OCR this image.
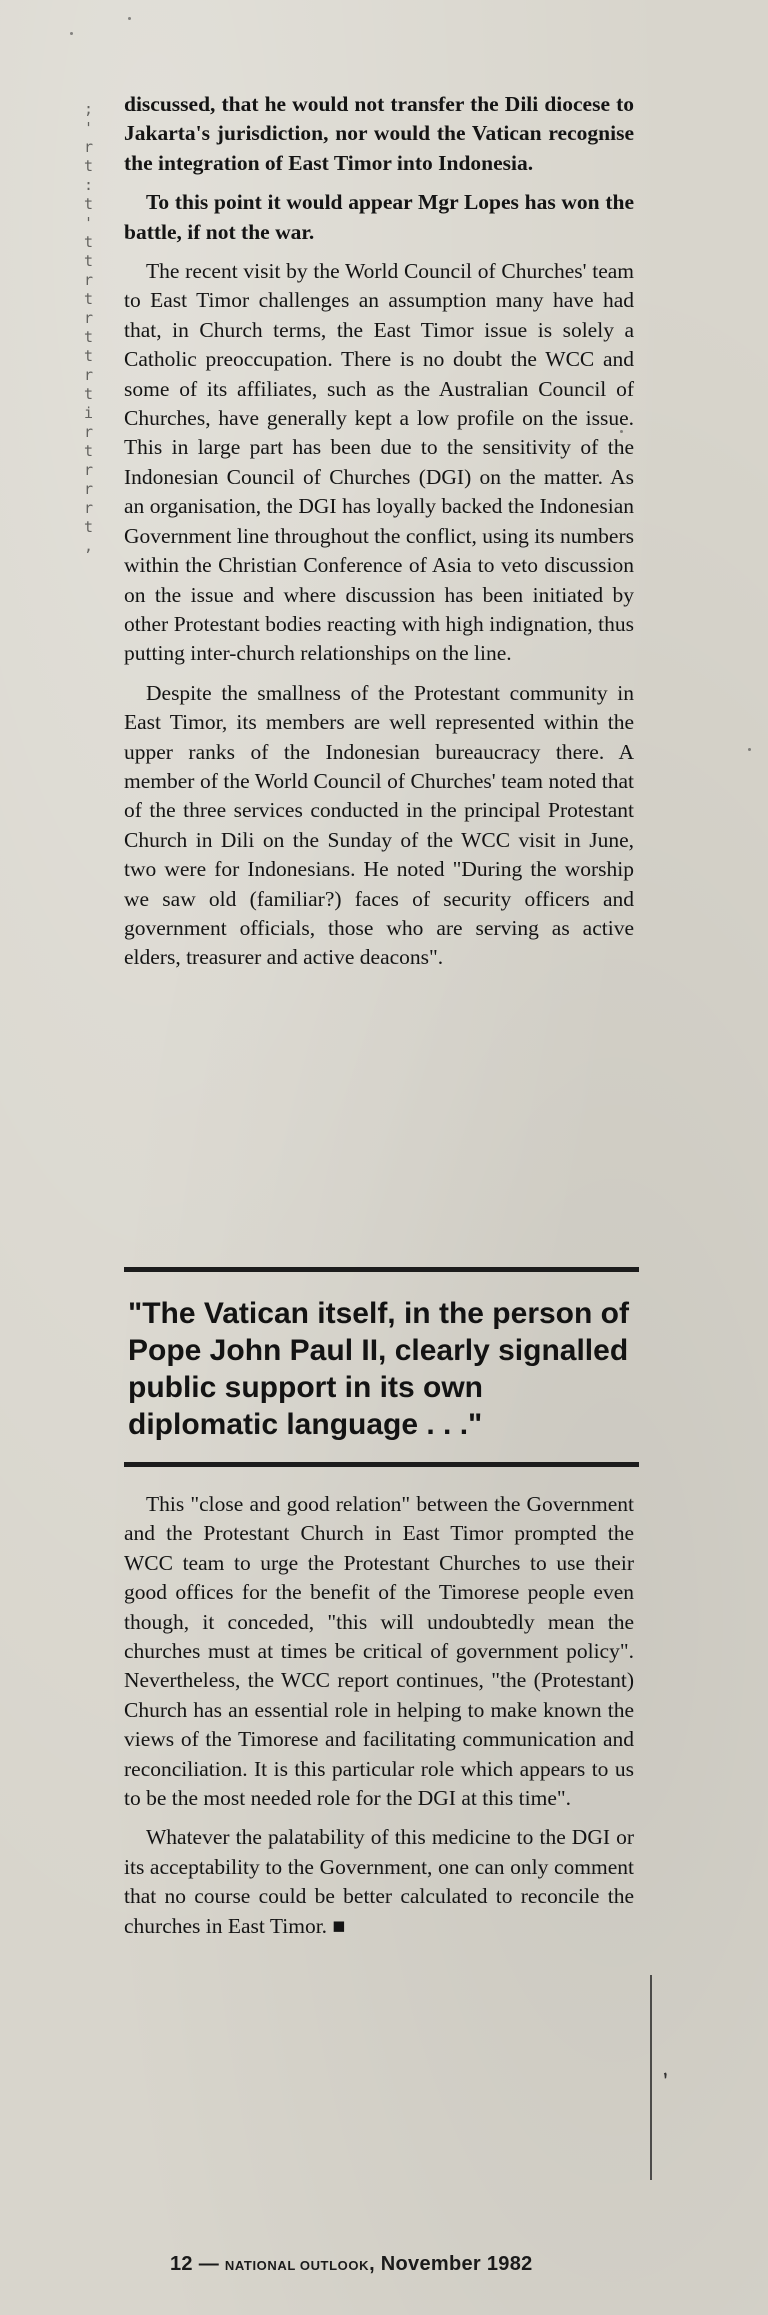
;
'
r
t
:
t
'
t
t
r
t
r
t
t
r
t
i
r
t
r
r
r
t
,

discussed, that he would not transfer the Dili diocese to Jakarta's jurisdiction, nor would the Vatican recognise the integration of East Timor into Indonesia.

To this point it would appear Mgr Lopes has won the battle, if not the war.

The recent visit by the World Council of Churches' team to East Timor challenges an assumption many have had that, in Church terms, the East Timor issue is solely a Catholic preoccupation. There is no doubt the WCC and some of its affiliates, such as the Australian Council of Churches, have generally kept a low profile on the issue. This in large part has been due to the sensitivity of the Indonesian Council of Churches (DGI) on the matter. As an organisation, the DGI has loyally backed the Indonesian Government line throughout the conflict, using its numbers within the Christian Conference of Asia to veto discussion on the issue and where discussion has been initiated by other Protestant bodies reacting with high indignation, thus putting inter-church relationships on the line.

Despite the smallness of the Protestant community in East Timor, its members are well represented within the upper ranks of the Indonesian bureaucracy there. A member of the World Council of Churches' team noted that of the three services conducted in the principal Protestant Church in Dili on the Sunday of the WCC visit in June, two were for Indonesians. He noted "During the worship we saw old (familiar?) faces of security officers and government officials, those who are serving as active elders, treasurer and active deacons".

"The Vatican itself, in the person of Pope John Paul II, clearly signalled public support in its own diplomatic language . . ."

This "close and good relation" between the Government and the Protestant Church in East Timor prompted the WCC team to urge the Protestant Churches to use their good offices for the benefit of the Timorese people even though, it conceded, "this will undoubtedly mean the churches must at times be critical of government policy". Nevertheless, the WCC report continues, "the (Protestant) Church has an essential role in helping to make known the views of the Timorese and facilitating communication and reconciliation. It is this particular role which appears to us to be the most needed role for the DGI at this time".

Whatever the palatability of this medicine to the DGI or its acceptability to the Government, one can only comment that no course could be better calculated to reconcile the churches in East Timor. ■

12 — NATIONAL OUTLOOK, November 1982
,
